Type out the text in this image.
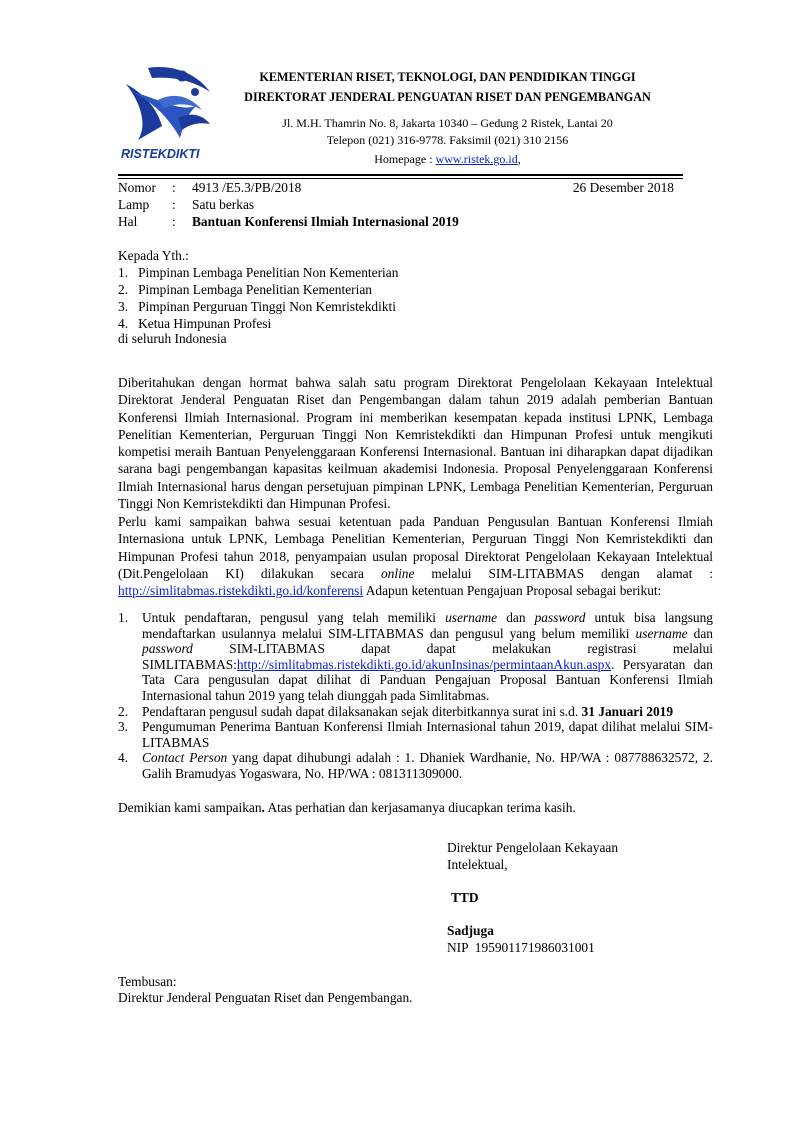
RISTEKDIKTI
KEMENTERIAN RISET, TEKNOLOGI, DAN PENDIDIKAN TINGGI
DIREKTORAT JENDERAL PENGUATAN RISET DAN PENGEMBANGAN
Jl. M.H. Thamrin No. 8, Jakarta 10340 – Gedung 2 Ristek, Lantai 20
Telepon (021) 316-9778. Faksimil (021) 310 2156
Homepage : www.ristek.go.id,
Nomor : 4913 /E5.3/PB/2018	26 Desember 2018
Lamp : Satu berkas
Hal	: Bantuan Konferensi Ilmiah Internasional 2019
Kepada Yth.:
1.   Pimpinan Lembaga Penelitian Non Kementerian
2.   Pimpinan Lembaga Penelitian Kementerian
3.   Pimpinan Perguruan Tinggi Non Kemristekdikti
4.   Ketua Himpunan Profesi
di seluruh Indonesia
Diberitahukan dengan hormat bahwa salah satu program Direktorat Pengelolaan Kekayaan Intelektual Direktorat Jenderal Penguatan Riset dan Pengembangan dalam tahun 2019 adalah pemberian Bantuan Konferensi Ilmiah Internasional. Program ini memberikan kesempatan kepada institusi LPNK, Lembaga Penelitian Kementerian, Perguruan Tinggi Non Kemristekdikti dan Himpunan Profesi untuk mengikuti kompetisi meraih Bantuan Penyelenggaraan Konferensi Internasional. Bantuan ini diharapkan dapat dijadikan sarana bagi pengembangan kapasitas keilmuan akademisi Indonesia. Proposal Penyelenggaraan Konferensi Ilmiah Internasional harus dengan persetujuan pimpinan LPNK, Lembaga Penelitian Kementerian, Perguruan Tinggi Non Kemristekdikti dan Himpunan Profesi.
Perlu kami sampaikan bahwa sesuai ketentuan pada Panduan Pengusulan Bantuan Konferensi Ilmiah Internasiona untuk LPNK, Lembaga Penelitian Kementerian, Perguruan Tinggi Non Kemristekdikti dan Himpunan Profesi tahun 2018, penyampaian usulan proposal Direktorat Pengelolaan Kekayaan Intelektual (Dit.Pengelolaan KI) dilakukan secara online melalui SIM-LITABMAS dengan alamat : http://simlitabmas.ristekdikti.go.id/konferensi Adapun ketentuan Pengajuan Proposal sebagai berikut:
1. Untuk pendaftaran, pengusul yang telah memiliki username dan password untuk bisa langsung mendaftarkan usulannya melalui SIM-LITABMAS dan pengusul yang belum memiliki username dan password SIM-LITABMAS dapat dapat melakukan registrasi melalui SIMLITABMAS:http://simlitabmas.ristekdikti.go.id/akunInsinas/permintaanAkun.aspx. Persyaratan dan Tata Cara pengusulan dapat dilihat di Panduan Pengajuan Proposal Bantuan Konferensi Ilmiah Internasional tahun 2019 yang telah diunggah pada Simlitabmas.
2. Pendaftaran pengusul sudah dapat dilaksanakan sejak diterbitkannya surat ini s.d. 31 Januari 2019
3. Pengumuman Penerima Bantuan Konferensi Ilmiah Internasional tahun 2019, dapat dilihat melalui SIM-LITABMAS
4. Contact Person yang dapat dihubungi adalah : 1. Dhaniek Wardhanie, No. HP/WA : 087788632572, 2. Galih Bramudyas Yogaswara, No. HP/WA : 081311309000.
Demikian kami sampaikan. Atas perhatian dan kerjasamanya diucapkan terima kasih.
Direktur Pengelolaan Kekayaan
Intelektual,
TTD
Sadjuga
NIP  195901171986031001
Tembusan:
Direktur Jenderal Penguatan Riset dan Pengembangan.
